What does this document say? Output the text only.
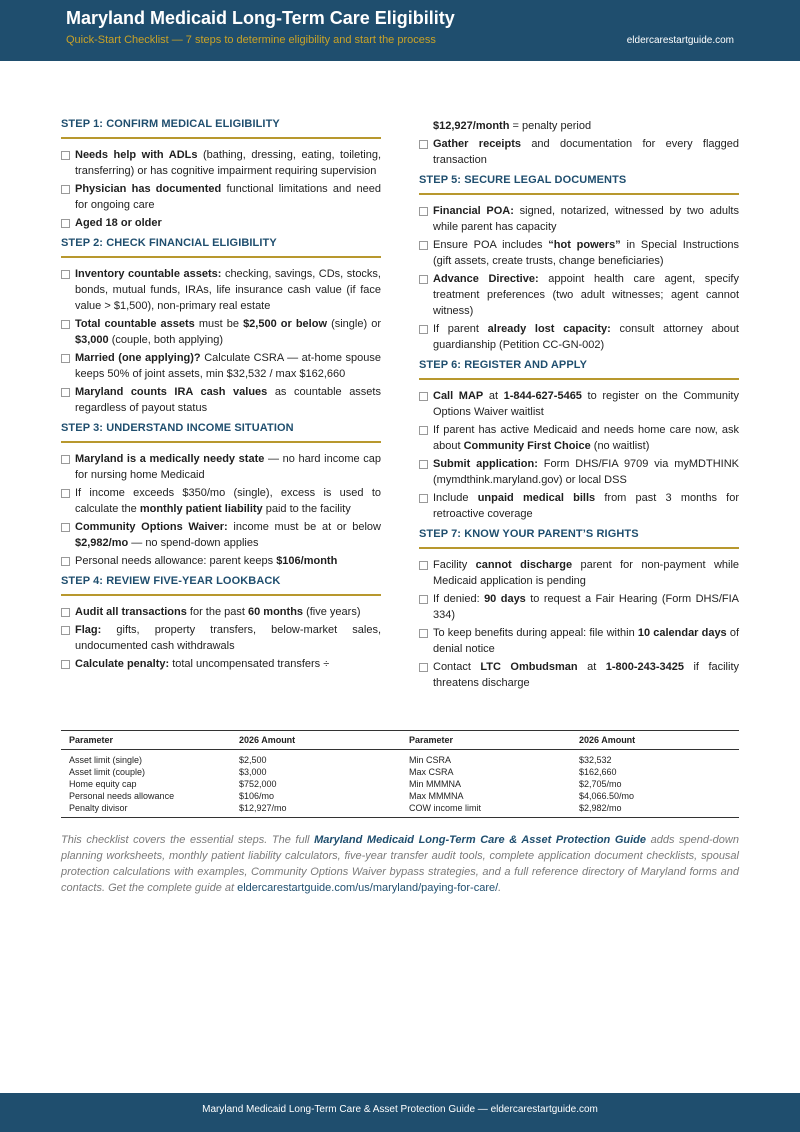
Maryland Medicaid Long-Term Care Eligibility
Quick-Start Checklist — 7 steps to determine eligibility and start the process	eldercarestartguide.com
STEP 1: CONFIRM MEDICAL ELIGIBILITY
Needs help with ADLs (bathing, dressing, eating, toileting, transferring) or has cognitive impairment requiring supervision
Physician has documented functional limitations and need for ongoing care
Aged 18 or older
STEP 2: CHECK FINANCIAL ELIGIBILITY
Inventory countable assets: checking, savings, CDs, stocks, bonds, mutual funds, IRAs, life insurance cash value (if face value > $1,500), non-primary real estate
Total countable assets must be $2,500 or below (single) or $3,000 (couple, both applying)
Married (one applying)? Calculate CSRA — at-home spouse keeps 50% of joint assets, min $32,532 / max $162,660
Maryland counts IRA cash values as countable assets regardless of payout status
STEP 3: UNDERSTAND INCOME SITUATION
Maryland is a medically needy state — no hard income cap for nursing home Medicaid
If income exceeds $350/mo (single), excess is used to calculate the monthly patient liability paid to the facility
Community Options Waiver: income must be at or below $2,982/mo — no spend-down applies
Personal needs allowance: parent keeps $106/month
STEP 4: REVIEW FIVE-YEAR LOOKBACK
Audit all transactions for the past 60 months (five years)
Flag: gifts, property transfers, below-market sales, undocumented cash withdrawals
Calculate penalty: total uncompensated transfers ÷
$12,927/month = penalty period
Gather receipts and documentation for every flagged transaction
STEP 5: SECURE LEGAL DOCUMENTS
Financial POA: signed, notarized, witnessed by two adults while parent has capacity
Ensure POA includes “hot powers” in Special Instructions (gift assets, create trusts, change beneficiaries)
Advance Directive: appoint health care agent, specify treatment preferences (two adult witnesses; agent cannot witness)
If parent already lost capacity: consult attorney about guardianship (Petition CC-GN-002)
STEP 6: REGISTER AND APPLY
Call MAP at 1-844-627-5465 to register on the Community Options Waiver waitlist
If parent has active Medicaid and needs home care now, ask about Community First Choice (no waitlist)
Submit application: Form DHS/FIA 9709 via myMDTHINK (mymdthink.maryland.gov) or local DSS
Include unpaid medical bills from past 3 months for retroactive coverage
STEP 7: KNOW YOUR PARENT’S RIGHTS
Facility cannot discharge parent for non-payment while Medicaid application is pending
If denied: 90 days to request a Fair Hearing (Form DHS/FIA 334)
To keep benefits during appeal: file within 10 calendar days of denial notice
Contact LTC Ombudsman at 1-800-243-3425 if facility threatens discharge
Parameter	2026 Amount	Parameter	2026 Amount
Asset limit (single)	$2,500	Min CSRA	$32,532
Asset limit (couple)	$3,000	Max CSRA	$162,660
Home equity cap	$752,000	Min MMMNA	$2,705/mo
Personal needs allowance	$106/mo	Max MMMNA	$4,066.50/mo
Penalty divisor	$12,927/mo	COW income limit	$2,982/mo
This checklist covers the essential steps. The full Maryland Medicaid Long-Term Care & Asset Protection Guide adds spend-down planning worksheets, monthly patient liability calculators, five-year transfer audit tools, complete application document checklists, spousal protection calculations with examples, Community Options Waiver bypass strategies, and a full reference directory of Maryland forms and contacts. Get the complete guide at eldercarestartguide.com/us/maryland/paying-for-care/.
Maryland Medicaid Long-Term Care & Asset Protection Guide — eldercarestartguide.com
